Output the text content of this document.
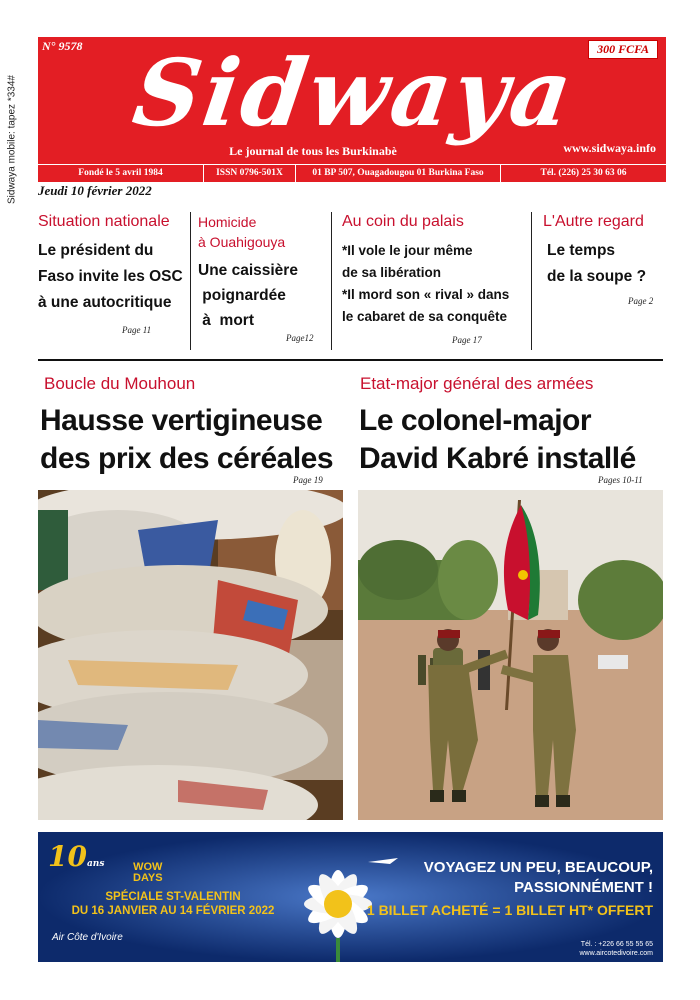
Sidwaya mobile: tapez *334#
N° 9578	300 FCFA
Sidwaya
Le journal de tous les Burkinabè	www.sidwaya.info
Fondé le 5 avril 1984	ISSN 0796-501X	01 BP 507, Ouagadougou 01 Burkina Faso	Tél. (226) 25 30 63 06
Jeudi 10 février 2022
Situation nationale
Le président du
Faso invite les OSC
à une autocritique
Page 11
Homicide
à Ouahigouya
Une caissière
poignardée
à  mort
Page12
Au coin du palais
*Il vole le jour même
de sa libération
*Il mord son « rival » dans
le cabaret de sa conquête
Page 17
L'Autre regard
Le temps
de la soupe ?
Page 2
Boucle du Mouhoun
Hausse vertigineuse
des prix des céréales
Page 19
Etat-major général des armées
Le colonel-major
David Kabré installé
Pages 10-11
10ans	WOW
DAYS
SPÉCIALE ST-VALENTIN
DU 16 JANVIER AU 14 FÉVRIER 2022
Air Côte d'Ivoire
VOYAGEZ UN PEU, BEAUCOUP,
PASSIONNÉMENT !
1 BILLET ACHETÉ = 1 BILLET HT* OFFERT
Tél. : +226 66 55 55 65
www.aircotedivoire.com
